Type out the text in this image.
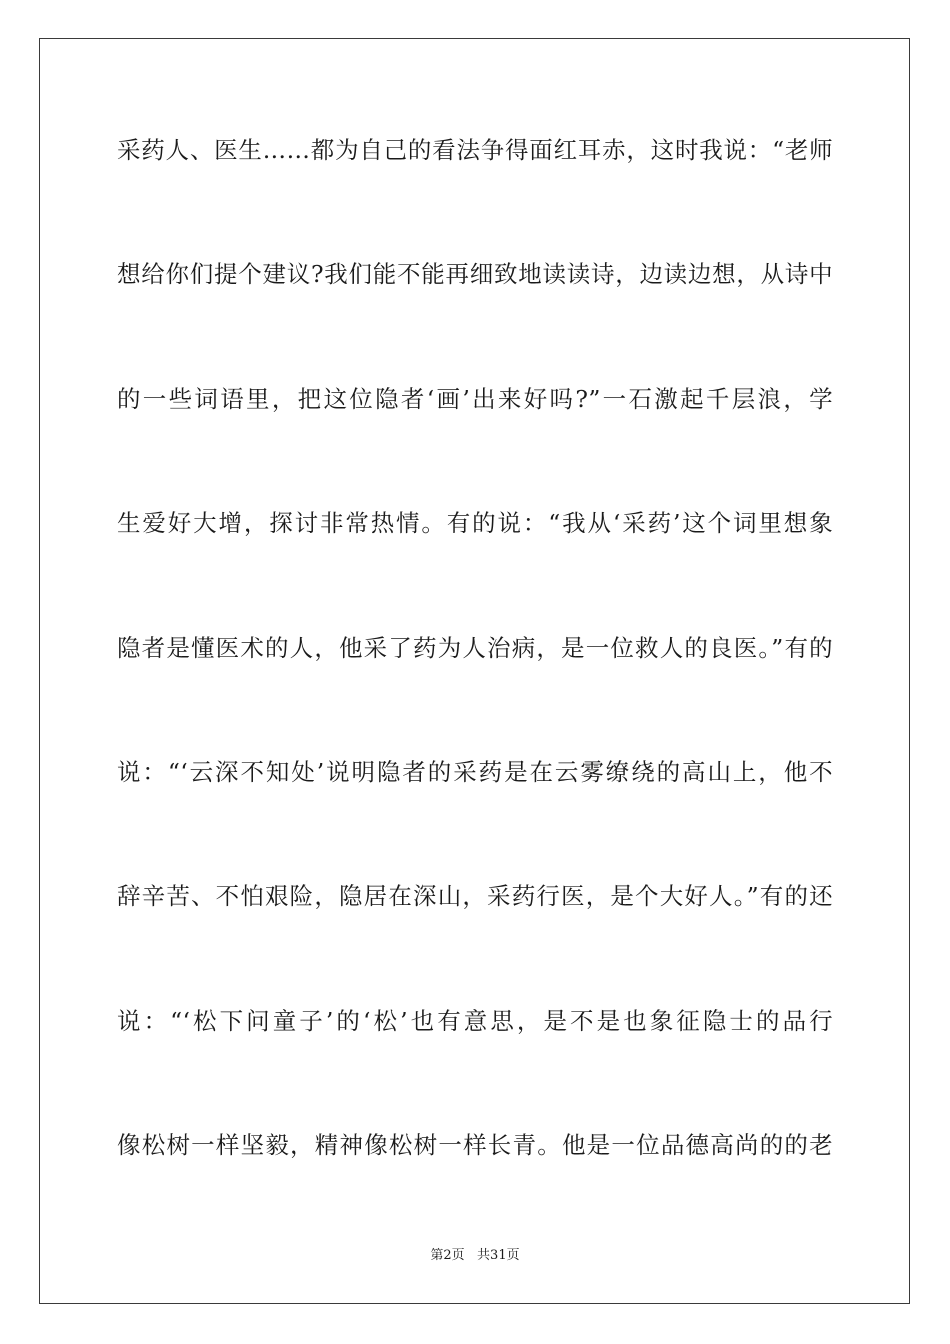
采药人、医生……都为自己的看法争得面红耳赤，这时我说：“老师
想给你们提个建议?我们能不能再细致地读读诗，边读边想，从诗中
的一些词语里，把这位隐者‘画’出来好吗?”一石激起千层浪，学
生爱好大增，探讨非常热情。有的说：“我从‘采药’这个词里想象
隐者是懂医术的人，他采了药为人治病，是一位救人的良医。”有的
说：“‘云深不知处’说明隐者的采药是在云雾缭绕的高山上，他不
辞辛苦、不怕艰险，隐居在深山，采药行医，是个大好人。”有的还
说：“‘松下问童子’的‘松’也有意思，是不是也象征隐士的品行
像松树一样坚毅，精神像松树一样长青。他是一位品德高尚的的老
第2页   共31页
